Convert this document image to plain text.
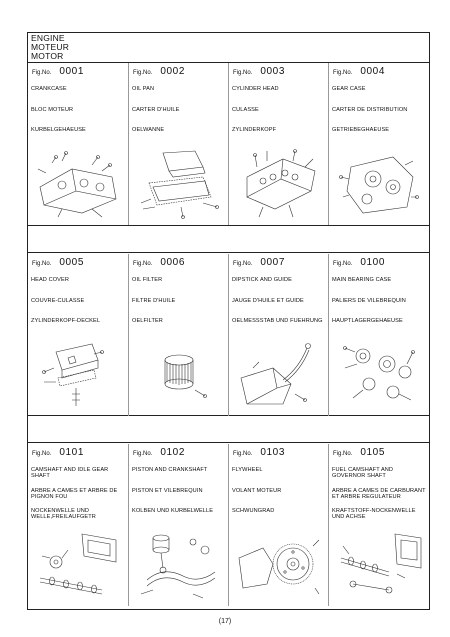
ENGINE
MOTEUR
MOTOR
Fig.No. 0001
CRANKCASE
BLOC MOTEUR
KURBELGEHAEUSE
Fig.No. 0002
OIL PAN
CARTER D'HUILE
OELWANNE
Fig.No. 0003
CYLINDER HEAD
CULASSE
ZYLINDERKOPF
Fig.No. 0004
GEAR CASE
CARTER DE DISTRIBUTION
GETRIEBEGHAEUSE
Fig.No. 0005
HEAD COVER
COUVRE-CULASSE
ZYLINDERKOPF-DECKEL
Fig.No. 0006
OIL FILTER
FILTRE D'HUILE
OELFILTER
Fig.No. 0007
DIPSTICK AND GUIDE
JAUGE D'HUILE ET GUIDE
OELMESSSTAB UND FUEHRUNG
Fig.No. 0100
MAIN BEARING CASE
PALIERS DE VILEBREQUIN
HAUPTLAGERGEHAEUSE
Fig.No. 0101
CAMSHAFT AND IDLE GEAR SHAFT
ARBRE A CAMES ET ARBRE DE PIGNON FOU
NOCKENWELLE UND WELLE,FREILAUFGETR
Fig.No. 0102
PISTON AND CRANKSHAFT
PISTON ET VILEBREQUIN
KOLBEN UND KURBELWELLE
Fig.No. 0103
FLYWHEEL
VOLANT MOTEUR
SCHWUNGRAD
Fig.No. 0105
FUEL CAMSHAFT AND GOVERNOR SHAFT
ARBRE A CAMES DE CARBURANT ET ARBRE REGULATEUR
KRAFTSTOFF-NOCKENWELLE UND ACHSE
(17)
